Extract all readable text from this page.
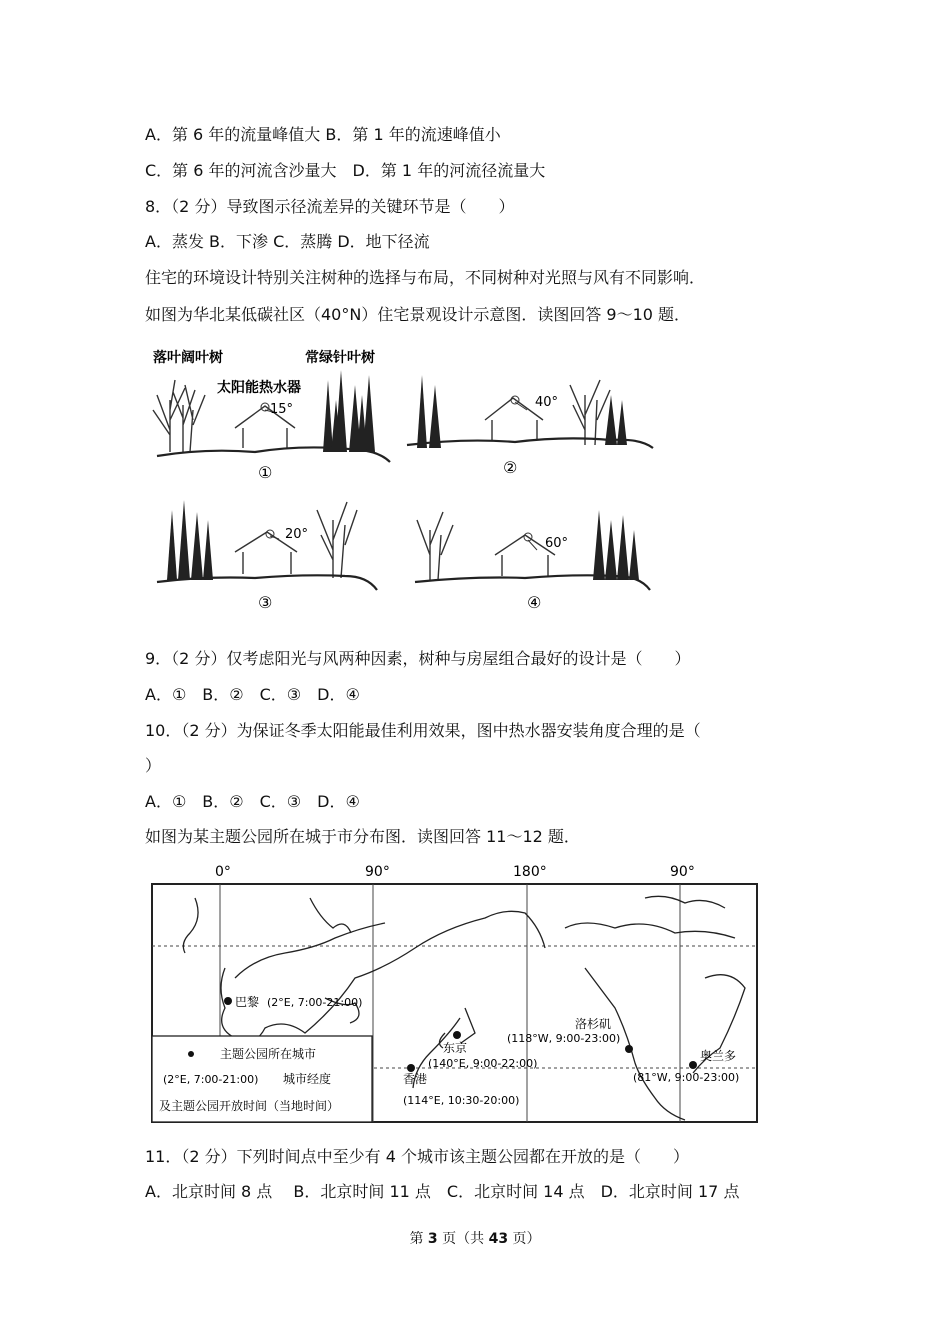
A．第 6 年的流量峰值大 B．第 1 年的流速峰值小
C．第 6 年的河流含沙量大　D．第 1 年的河流径流量大
8．（2 分）导致图示径流差异的关键环节是（　　）
A．蒸发 B．下渗 C．蒸腾 D．地下径流
住宅的环境设计特别关注树种的选择与布局，不同树种对光照与风有不同影响．
如图为华北某低碳社区（40°N）住宅景观设计示意图．读图回答 9～10 题．
15°
①
落叶阔叶树	常绿针叶树
太阳能热水器
40°
②
20°
③
60°
④
9．（2 分）仅考虑阳光与风两种因素，树种与房屋组合最好的设计是（　　）
A．①　B．②　C．③　D．④
10．（2 分）为保证冬季太阳能最佳利用效果，图中热水器安装角度合理的是（
）
A．①　B．②　C．③　D．④
如图为某主题公园所在城于市分布图．读图回答 11～12 题．
0°	90°	180°	90°
主题公园所在城市
(2°E, 7:00-21:00) 城市经度
及主题公园开放时间（当地时间）
巴黎 (2°E, 7:00-21:00)
东京
(140°E, 9:00-22:00)
香港
(114°E, 10:30-20:00)
洛杉矶
(118°W, 9:00-23:00)
奥兰多
(81°W, 9:00-23:00)
11．（2 分）下列时间点中至少有 4 个城市该主题公园都在开放的是（　　）
A．北京时间 8 点　 B．北京时间 11 点　C．北京时间 14 点　D．北京时间 17 点
第 3 页（共 43 页）
